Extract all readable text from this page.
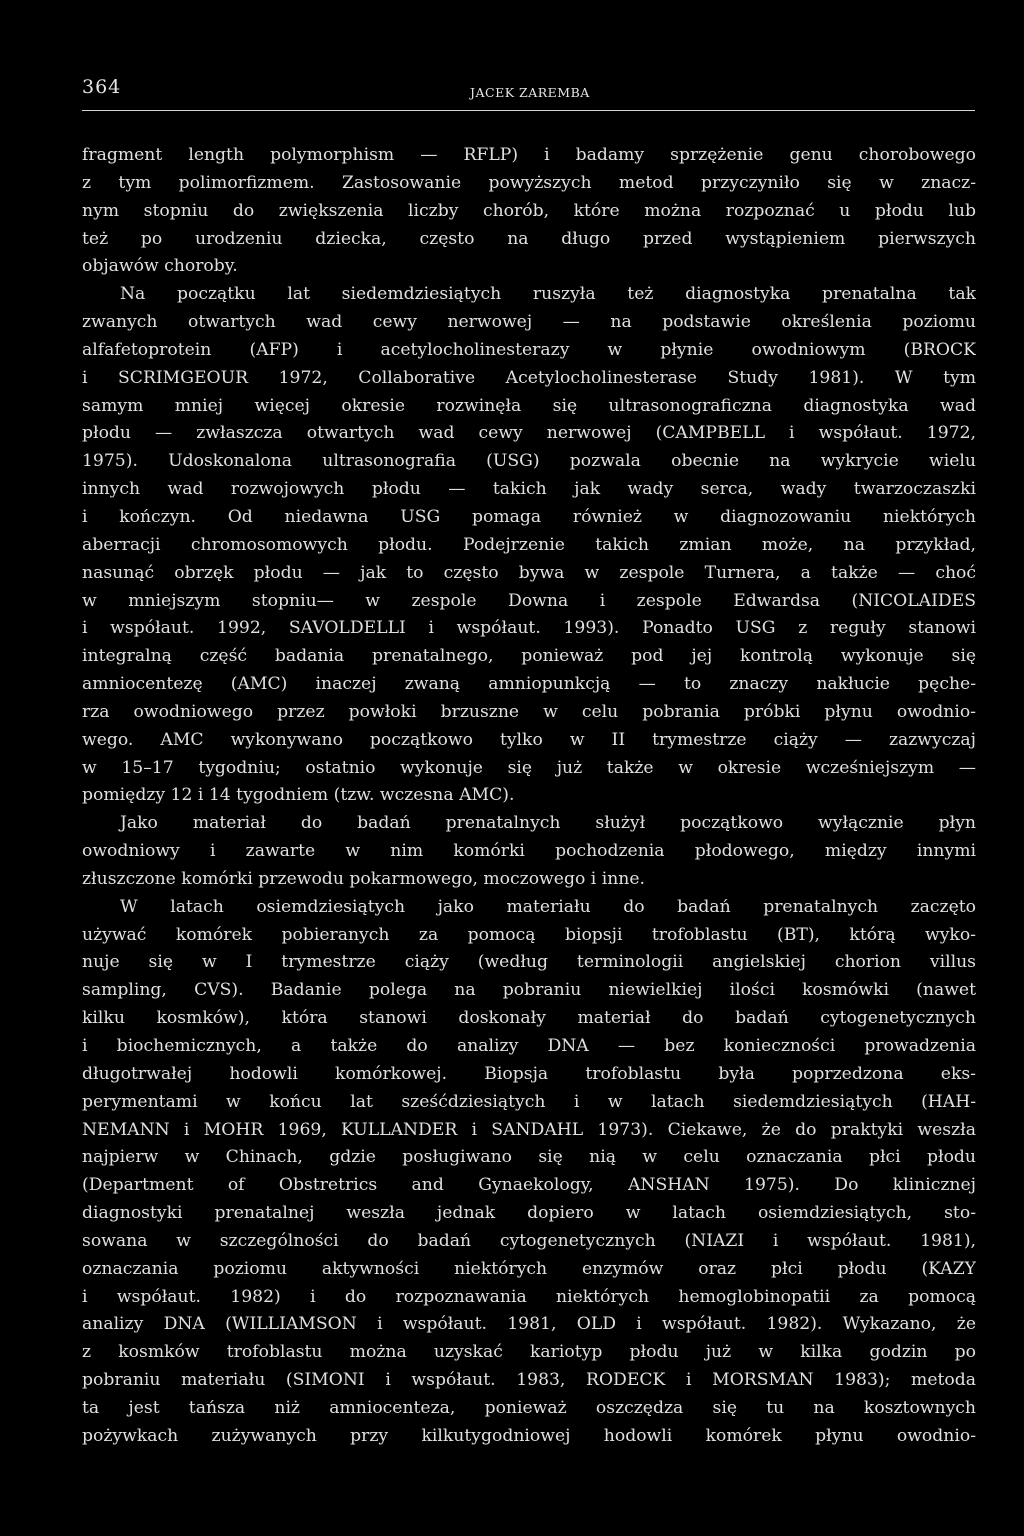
364	JACEK ZAREMBA
fragment length polymorphism — RFLP) i badamy sprzężenie genu chorobowego
z tym polimorfizmem. Zastosowanie powyższych metod przyczyniło się w znacz-
nym stopniu do zwiększenia liczby chorób, które można rozpoznać u płodu lub
też po urodzeniu dziecka, często na długo przed wystąpieniem pierwszych
objawów choroby.
Na początku lat siedemdziesiątych ruszyła też diagnostyka prenatalna tak
zwanych otwartych wad cewy nerwowej — na podstawie określenia poziomu
alfafetoprotein (AFP) i acetylocholinesterazy w płynie owodniowym (BROCK
i SCRIMGEOUR 1972, Collaborative Acetylocholinesterase Study 1981). W tym
samym mniej więcej okresie rozwinęła się ultrasonograficzna diagnostyka wad
płodu — zwłaszcza otwartych wad cewy nerwowej (CAMPBELL i współaut. 1972,
1975). Udoskonalona ultrasonografia (USG) pozwala obecnie na wykrycie wielu
innych wad rozwojowych płodu — takich jak wady serca, wady twarzoczaszki
i kończyn. Od niedawna USG pomaga również w diagnozowaniu niektórych
aberracji chromosomowych płodu. Podejrzenie takich zmian może, na przykład,
nasunąć obrzęk płodu — jak to często bywa w zespole Turnera, a także — choć
w mniejszym stopniu— w zespole Downa i zespole Edwardsa (NICOLAIDES
i współaut. 1992, SAVOLDELLI i współaut. 1993). Ponadto USG z reguły stanowi
integralną część badania prenatalnego, ponieważ pod jej kontrolą wykonuje się
amniocentezę (AMC) inaczej zwaną amniopunkcją — to znaczy nakłucie pęche-
rza owodniowego przez powłoki brzuszne w celu pobrania próbki płynu owodnio-
wego. AMC wykonywano początkowo tylko w II trymestrze ciąży — zazwyczaj
w 15–17 tygodniu; ostatnio wykonuje się już także w okresie wcześniejszym —
pomiędzy 12 i 14 tygodniem (tzw. wczesna AMC).
Jako materiał do badań prenatalnych służył początkowo wyłącznie płyn
owodniowy i zawarte w nim komórki pochodzenia płodowego, między innymi
złuszczone komórki przewodu pokarmowego, moczowego i inne.
W latach osiemdziesiątych jako materiału do badań prenatalnych zaczęto
używać komórek pobieranych za pomocą biopsji trofoblastu (BT), którą wyko-
nuje się w I trymestrze ciąży (według terminologii angielskiej chorion villus
sampling, CVS). Badanie polega na pobraniu niewielkiej ilości kosmówki (nawet
kilku kosmków), która stanowi doskonały materiał do badań cytogenetycznych
i biochemicznych, a także do analizy DNA — bez konieczności prowadzenia
długotrwałej hodowli komórkowej. Biopsja trofoblastu była poprzedzona eks-
perymentami w końcu lat sześćdziesiątych i w latach siedemdziesiątych (HAH-
NEMANN i MOHR 1969, KULLANDER i SANDAHL 1973). Ciekawe, że do praktyki weszła
najpierw w Chinach, gdzie posługiwano się nią w celu oznaczania płci płodu
(Department of Obstretrics and Gynaekology, ANSHAN 1975). Do klinicznej
diagnostyki prenatalnej weszła jednak dopiero w latach osiemdziesiątych, sto-
sowana w szczególności do badań cytogenetycznych (NIAZI i współaut. 1981),
oznaczania poziomu aktywności niektórych enzymów oraz płci płodu (KAZY
i współaut. 1982) i do rozpoznawania niektórych hemoglobinopatii za pomocą
analizy DNA (WILLIAMSON i współaut. 1981, OLD i współaut. 1982). Wykazano, że
z kosmków trofoblastu można uzyskać kariotyp płodu już w kilka godzin po
pobraniu materiału (SIMONI i współaut. 1983, RODECK i MORSMAN 1983); metoda
ta jest tańsza niż amniocenteza, ponieważ oszczędza się tu na kosztownych
pożywkach zużywanych przy kilkutygodniowej hodowli komórek płynu owodnio-
